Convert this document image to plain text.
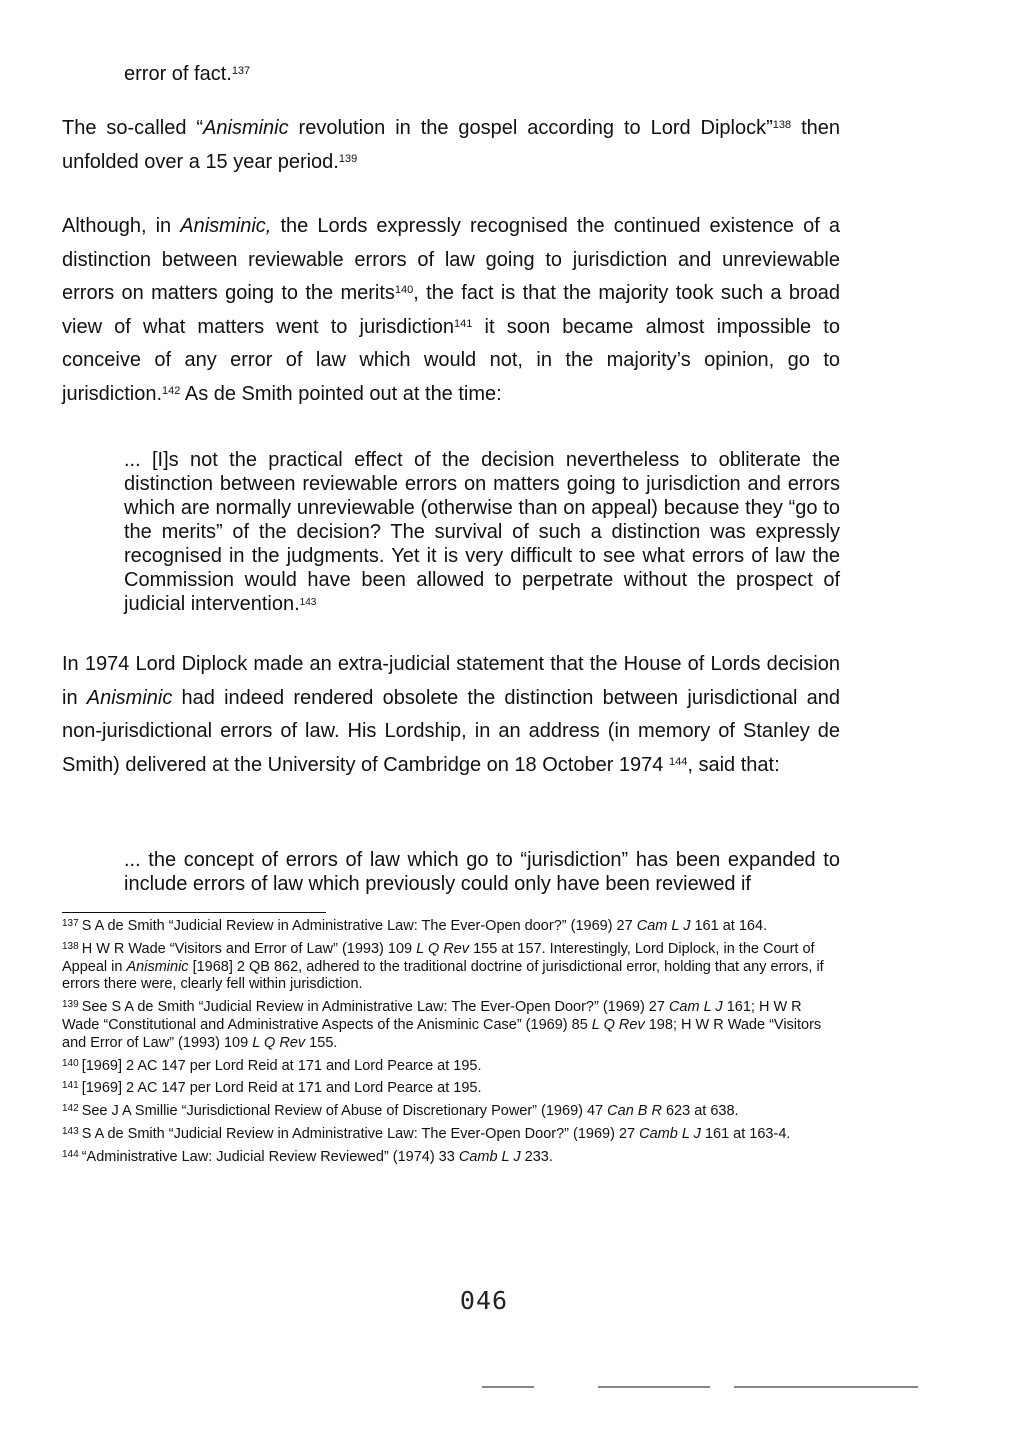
error of fact.$^{137}$

The so-called “Anisminic revolution in the gospel according to Lord Diplock”$^{138}$ then unfolded over a 15 year period.$^{139}$

Although, in Anisminic, the Lords expressly recognised the continued existence of a distinction between reviewable errors of law going to jurisdiction and unreviewable errors on matters going to the merits$^{140}$, the fact is that the majority took such a broad view of what matters went to jurisdiction$^{141}$ it soon became almost impossible to conceive of any error of law which would not, in the majority’s opinion, go to jurisdiction.$^{142}$ As de Smith pointed out at the time:

... [I]s not the practical effect of the decision nevertheless to obliterate the distinction between reviewable errors on matters going to jurisdiction and errors which are normally unreviewable (otherwise than on appeal) because they “go to the merits” of the decision? The survival of such a distinction was expressly recognised in the judgments. Yet it is very difficult to see what errors of law the Commission would have been allowed to perpetrate without the prospect of judicial intervention.$^{143}$

In 1974 Lord Diplock made an extra-judicial statement that the House of Lords decision in Anisminic had indeed rendered obsolete the distinction between jurisdictional and non-jurisdictional errors of law. His Lordship, in an address (in memory of Stanley de Smith) delivered at the University of Cambridge on 18 October 1974 $^{144}$, said that:

... the concept of errors of law which go to “jurisdiction” has been expanded to include errors of law which previously could only have been reviewed if

$^{137}$ S A de Smith “Judicial Review in Administrative Law: The Ever-Open door?” (1969) 27 Cam L J 161 at 164.
$^{138}$ H W R Wade “Visitors and Error of Law” (1993) 109 L Q Rev 155 at 157. Interestingly, Lord Diplock, in the Court of Appeal in Anisminic [1968] 2 QB 862, adhered to the traditional doctrine of jurisdictional error, holding that any errors, if errors there were, clearly fell within jurisdiction.
$^{139}$ See S A de Smith “Judicial Review in Administrative Law: The Ever-Open Door?” (1969) 27 Cam L J 161; H W R Wade “Constitutional and Administrative Aspects of the Anisminic Case” (1969) 85 L Q Rev 198; H W R Wade “Visitors and Error of Law” (1993) 109 L Q Rev 155.
$^{140}$ [1969] 2 AC 147 per Lord Reid at 171 and Lord Pearce at 195.
$^{141}$ [1969] 2 AC 147 per Lord Reid at 171 and Lord Pearce at 195.
$^{142}$ See J A Smillie “Jurisdictional Review of Abuse of Discretionary Power” (1969) 47 Can B R 623 at 638.
$^{143}$ S A de Smith “Judicial Review in Administrative Law: The Ever-Open Door?” (1969) 27 Camb L J 161 at 163-4.
$^{144}$ “Administrative Law: Judicial Review Reviewed” (1974) 33 Camb L J 233.

046
